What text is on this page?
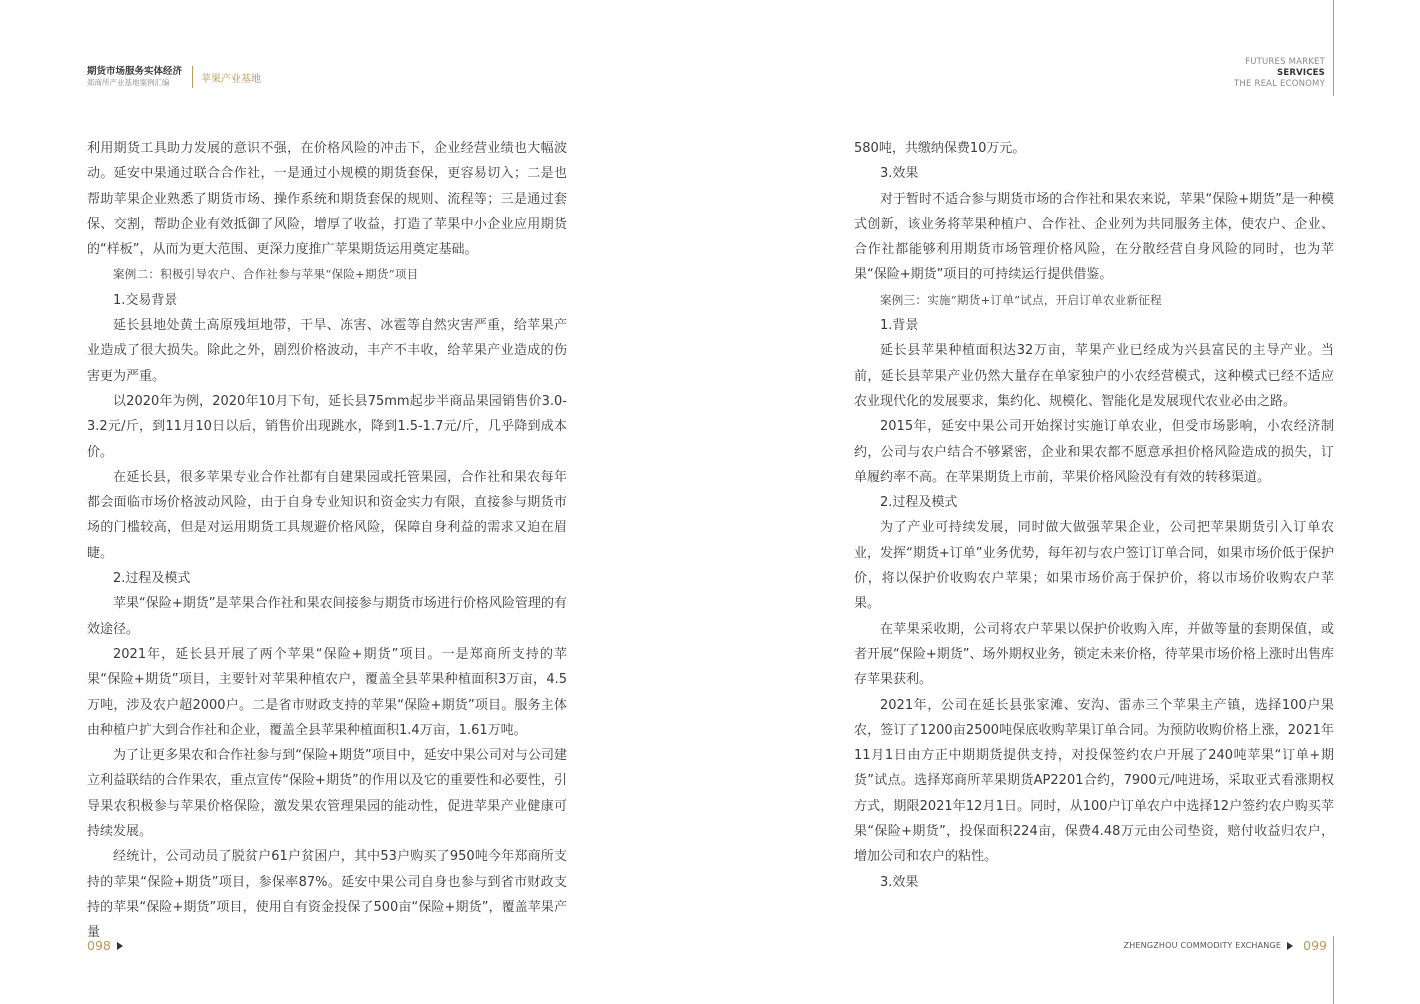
期货市场服务实体经济
郑商所产业基地案例汇编	苹果产业基地
098

利用期货工具助力发展的意识不强，在价格风险的冲击下，企业经营业绩也大幅波动。延安中果通过联合合作社，一是通过小规模的期货套保，更容易切入；二是也帮助苹果企业熟悉了期货市场、操作系统和期货套保的规则、流程等；三是通过套保、交割，帮助企业有效抵御了风险，增厚了收益，打造了苹果中小企业应用期货的“样板”，从而为更大范围、更深力度推广苹果期货运用奠定基础。

案例二：积极引导农户、合作社参与苹果“保险+期货”项目

1.交易背景

延长县地处黄土高原残垣地带，干旱、冻害、冰雹等自然灾害严重，给苹果产业造成了很大损失。除此之外，剧烈价格波动，丰产不丰收，给苹果产业造成的伤害更为严重。

以2020年为例，2020年10月下旬，延长县75mm起步半商品果园销售价3.0-3.2元/斤，到11月10日以后，销售价出现跳水，降到1.5-1.7元/斤，几乎降到成本价。

在延长县，很多苹果专业合作社都有自建果园或托管果园，合作社和果农每年都会面临市场价格波动风险，由于自身专业知识和资金实力有限，直接参与期货市场的门槛较高，但是对运用期货工具规避价格风险，保障自身利益的需求又迫在眉睫。

2.过程及模式

苹果“保险+期货”是苹果合作社和果农间接参与期货市场进行价格风险管理的有效途径。

2021年，延长县开展了两个苹果“保险+期货”项目。一是郑商所支持的苹果“保险+期货”项目，主要针对苹果种植农户，覆盖全县苹果种植面积3万亩，4.5万吨，涉及农户超2000户。二是省市财政支持的苹果“保险+期货”项目。服务主体由种植户扩大到合作社和企业，覆盖全县苹果种植面积1.4万亩，1.61万吨。

为了让更多果农和合作社参与到“保险+期货”项目中，延安中果公司对与公司建立利益联结的合作果农，重点宣传“保险+期货”的作用以及它的重要性和必要性，引导果农积极参与苹果价格保险，激发果农管理果园的能动性，促进苹果产业健康可持续发展。

经统计，公司动员了脱贫户61户贫困户，其中53户购买了950吨今年郑商所支持的苹果“保险+期货”项目，参保率87%。延安中果公司自身也参与到省市财政支持的苹果“保险+期货”项目，使用自有资金投保了500亩“保险+期货”，覆盖苹果产量

FUTURES MARKET
SERVICES
THE REAL ECONOMY

580吨，共缴纳保费10万元。

3.效果

对于暂时不适合参与期货市场的合作社和果农来说，苹果“保险+期货”是一种模式创新，该业务将苹果种植户、合作社、企业列为共同服务主体，使农户、企业、合作社都能够利用期货市场管理价格风险，在分散经营自身风险的同时，也为苹果“保险+期货”项目的可持续运行提供借鉴。

案例三：实施“期货+订单”试点，开启订单农业新征程

1.背景

延长县苹果种植面积达32万亩，苹果产业已经成为兴县富民的主导产业。当前，延长县苹果产业仍然大量存在单家独户的小农经营模式，这种模式已经不适应农业现代化的发展要求，集约化、规模化、智能化是发展现代农业必由之路。

2015年，延安中果公司开始探讨实施订单农业，但受市场影响，小农经济制约，公司与农户结合不够紧密，企业和果农都不愿意承担价格风险造成的损失，订单履约率不高。在苹果期货上市前，苹果价格风险没有有效的转移渠道。

2.过程及模式

为了产业可持续发展，同时做大做强苹果企业，公司把苹果期货引入订单农业，发挥“期货+订单”业务优势，每年初与农户签订订单合同，如果市场价低于保护价，将以保护价收购农户苹果；如果市场价高于保护价，将以市场价收购农户苹果。

在苹果采收期，公司将农户苹果以保护价收购入库，并做等量的套期保值，或者开展“保险+期货”、场外期权业务，锁定未来价格，待苹果市场价格上涨时出售库存苹果获利。

2021年，公司在延长县张家滩、安沟、雷赤三个苹果主产镇，选择100户果农，签订了1200亩2500吨保底收购苹果订单合同。为预防收购价格上涨，2021年11月1日由方正中期期货提供支持，对投保签约农户开展了240吨苹果“订单+期货”试点。选择郑商所苹果期货AP2201合约，7900元/吨进场，采取亚式看涨期权方式，期限2021年12月1日。同时，从100户订单农户中选择12户签约农户购买苹果“保险+期货”，投保面积224亩，保费4.48万元由公司垫资，赔付收益归农户，增加公司和农户的粘性。

3.效果

ZHENGZHOU COMMODITY EXCHANGE 099
